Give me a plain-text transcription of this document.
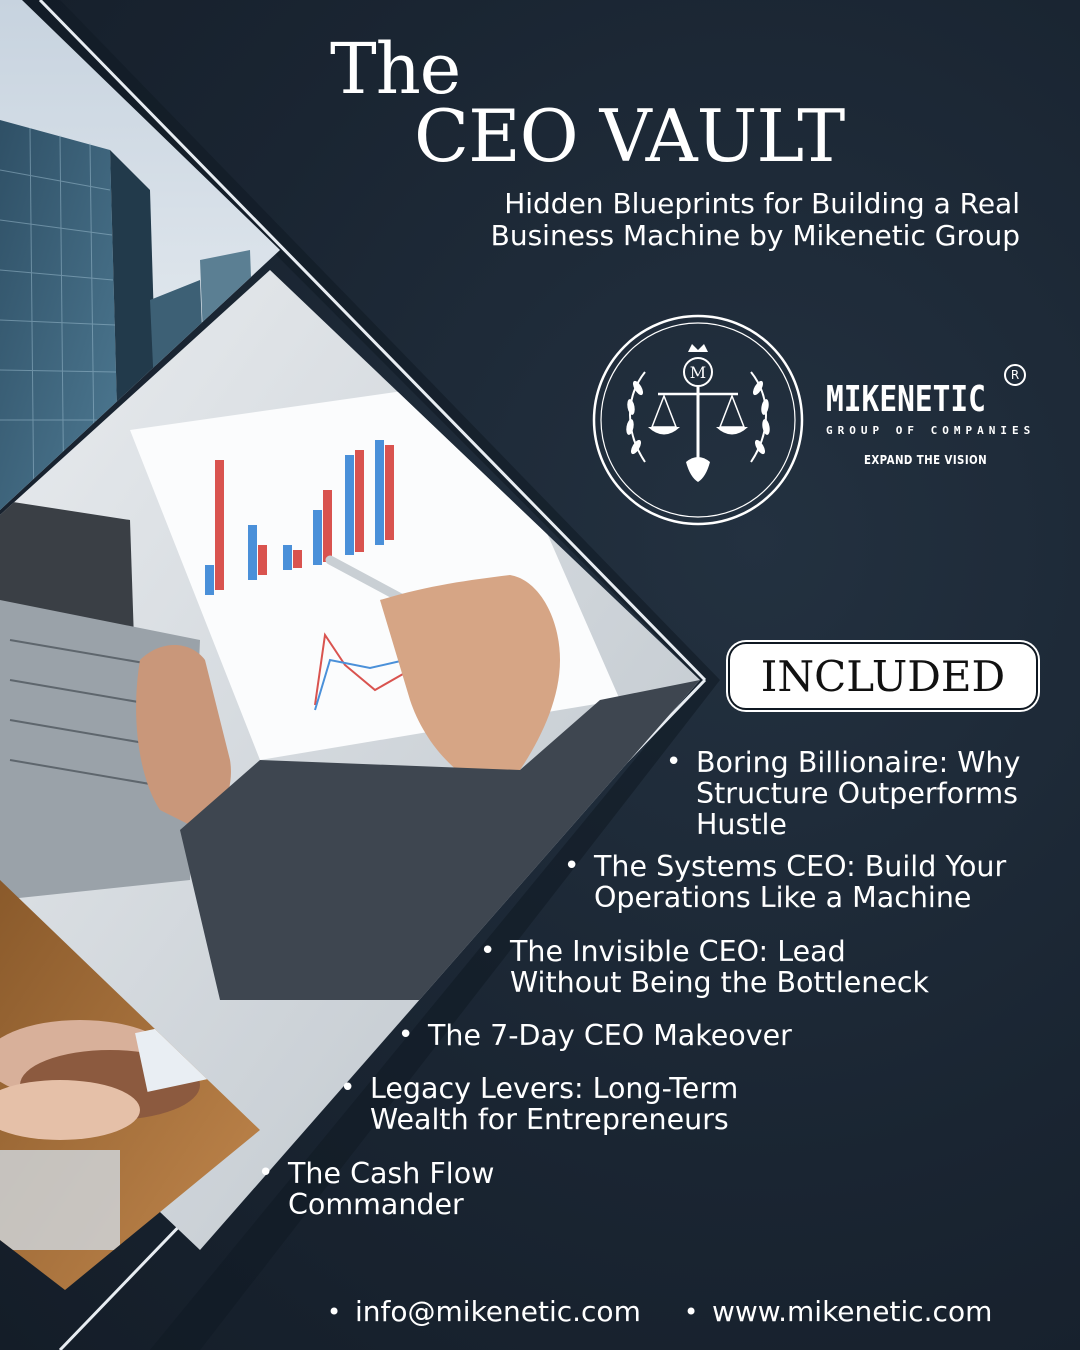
The
CEO VAULT
Hidden Blueprints for Building a Real Business Machine by Mikenetic Group
M
MIKENETIC
R
GROUP OF COMPANIES
EXPAND THE VISION
INCLUDED
• Boring Billionaire: Why Structure Outperforms Hustle
• The Systems CEO: Build Your Operations Like a Machine
• The Invisible CEO: Lead Without Being the Bottleneck
• The 7-Day CEO Makeover
• Legacy Levers: Long-Term Wealth for Entrepreneurs
• The Cash Flow Commander
• info@mikenetic.com
•	www.mikenetic.com
